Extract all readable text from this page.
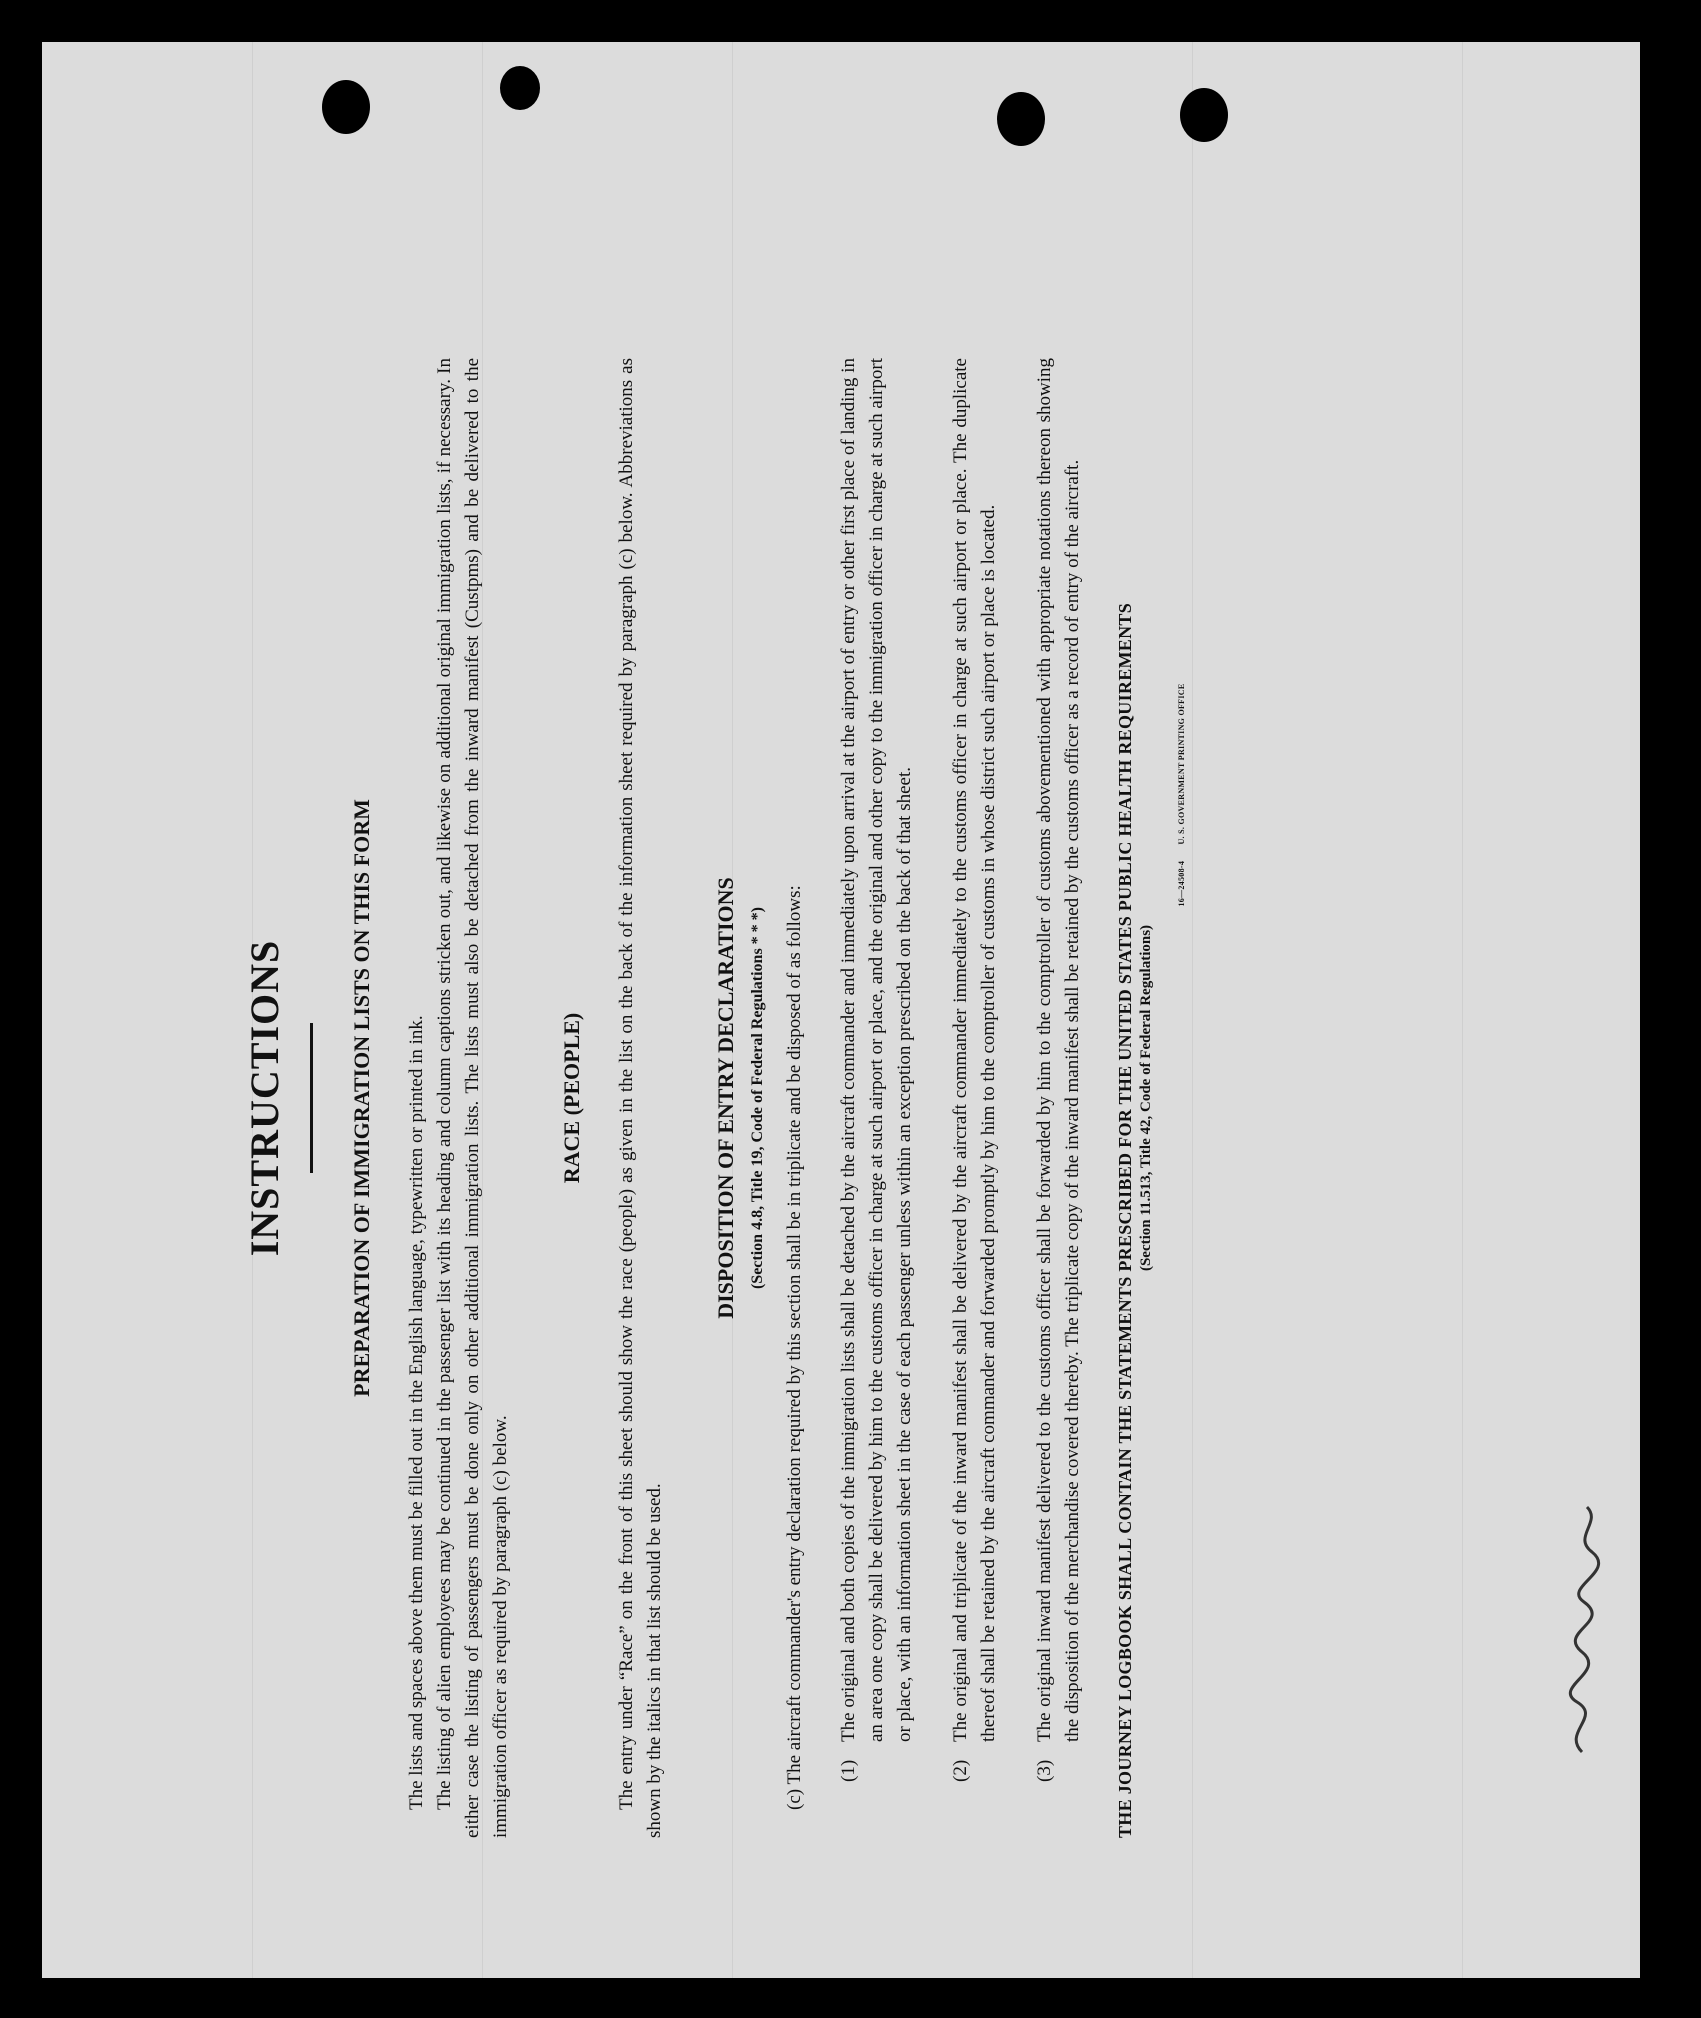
INSTRUCTIONS	PREPARATION OF IMMIGRATION LISTS ON THIS FORM The lists and spaces above them must be filled out in the English language, typewritten or printed in ink. The listing of alien employees may be continued in the passenger list with its heading and column captions stricken out, and likewise on additional original immigration lists, if necessary. In either case the listing of passengers must be done only on other additional immigration lists. The lists must also be detached from the inward manifest (Custpms) and be delivered to the immigration officer as required by paragraph (c) below.

RACE (PEOPLE) The entry under “Race” on the front of this sheet should show the race (people) as given in the list on the back of the information sheet required by paragraph (c) below. Abbreviations as shown by the italics in that list should be used.

DISPOSITION OF ENTRY DECLARATIONS (Section 4.8, Title 19, Code of Federal Regulations * * *) (c) The aircraft commander's entry declaration required by this section shall be in triplicate and be disposed of as follows: (1)
The original and both copies of the immigration lists shall be detached by the aircraft commander and immediately upon arrival at the airport of entry or other first place of landing in an area one copy shall be delivered by him to the customs officer in charge at such airport or place, and the original and other copy to the immigration officer in charge at such airport or place, with an information sheet in the case of each passenger unless within an exception prescribed on the back of that sheet.
(2)
The original and triplicate of the inward manifest shall be delivered by the aircraft commander immediately to the customs officer in charge at such airport or place. The duplicate thereof shall be retained by the aircraft commander and forwarded promptly by him to the comptroller of customs in whose district such airport or place is located.
(3)
The original inward manifest delivered to the customs officer shall be forwarded by him to the comptroller of customs abovementioned with appropriate notations thereon showing the disposition of the merchandise covered thereby. The triplicate copy of the inward manifest shall be retained by the customs officer as a record of entry of the aircraft. THE JOURNEY LOGBOOK SHALL CONTAIN THE STATEMENTS PRESCRIBED FOR THE UNITED STATES PUBLIC HEALTH REQUIREMENTS (Section 11.513, Title 42, Code of Federal Regulations)
16—24508-4 U. S. GOVERNMENT PRINTING OFFICE
